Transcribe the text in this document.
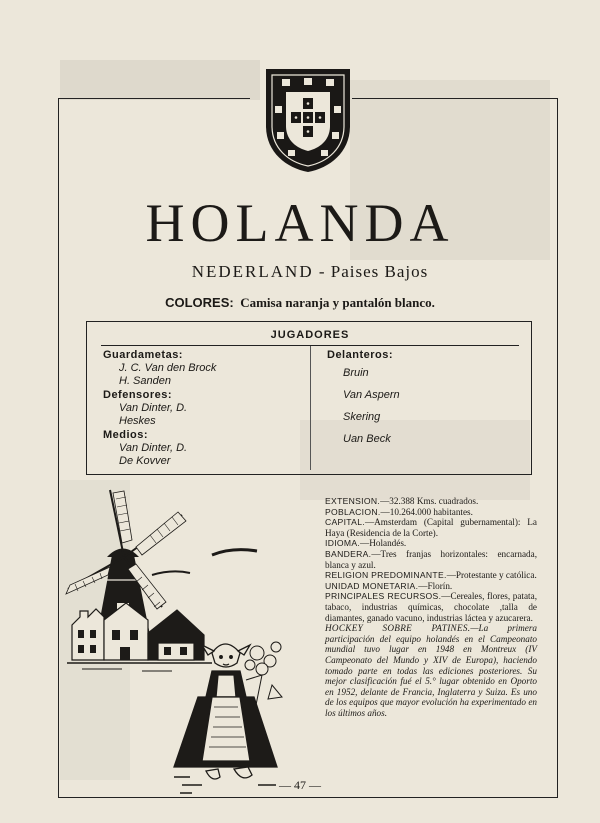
HOLANDA
NEDERLAND - Paises Bajos
COLORES: Camisa naranja y pantalón blanco.
JUGADORES
Guardametas:
J. C. Van den Brock
H. Sanden
Defensores:
Van Dinter, D.
Heskes
Medios:
Van Dinter, D.
De Kovver
Delanteros:
Bruin
Van Aspern
Skering
Uan Beck

EXTENSION.—32.388 Kms. cuadrados.

POBLACION.—10.264.000 habitantes.

CAPITAL.—Amsterdam (Capital gubernamental): La Haya (Residencia de la Corte).

IDIOMA.—Holandés.

BANDERA.—Tres franjas horizontales: encarnada, blanca y azul.

RELIGION PREDOMINANTE.—Protestante y católica.

UNIDAD MONETARIA.—Florín.

PRINCIPALES RECURSOS.—Cereales, flores, patata, tabaco, industrias químicas, chocolate ,talla de diamantes, ganado vacuno, industrias láctea y azucarera.

HOCKEY SOBRE PATINES.—La primera participación del equipo holandés en el Campeonato mundial tuvo lugar en 1948 en Montreux (IV Campeonato del Mundo y XIV de Europa), haciendo tomado parte en todas las ediciones posteriores. Su mejor clasificación fué el 5.° lugar obtenido en Oporto en 1952, delante de Francia, Inglaterra y Suiza. Es uno de los equipos que mayor evolución ha experimentado en los últimos años.

— 47 —
